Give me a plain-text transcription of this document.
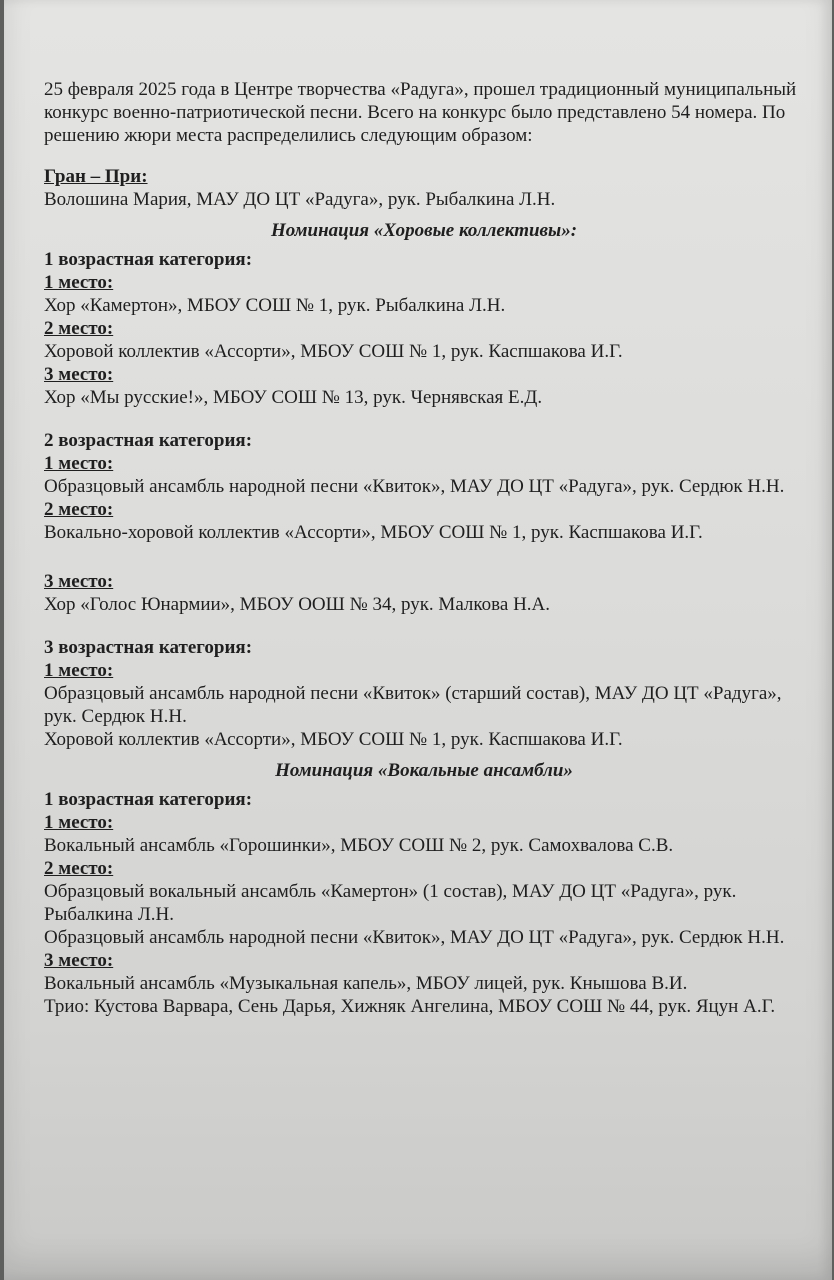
25 февраля 2025 года в Центре творчества «Радуга», прошел традиционный муниципальный конкурс военно-патриотической песни. Всего на конкурс было представлено 54 номера. По решению жюри места распределились следующим образом:

Гран – При:

Волошина Мария, МАУ ДО ЦТ «Радуга», рук. Рыбалкина Л.Н.

Номинация «Хоровые коллективы»:

1 возрастная категория:

1 место:

Хор «Камертон», МБОУ СОШ № 1, рук. Рыбалкина Л.Н.

2 место:

Хоровой коллектив «Ассорти», МБОУ СОШ № 1, рук. Каспшакова И.Г.

3 место:

Хор «Мы русские!», МБОУ СОШ № 13, рук. Чернявская Е.Д.

2 возрастная категория:

1 место:

Образцовый ансамбль народной песни «Квиток», МАУ ДО ЦТ «Радуга», рук. Сердюк Н.Н.

2 место:

Вокально-хоровой коллектив «Ассорти», МБОУ СОШ № 1, рук. Каспшакова И.Г.

3 место:

Хор «Голос Юнармии», МБОУ ООШ № 34, рук. Малкова Н.А.

3 возрастная категория:

1 место:

Образцовый ансамбль народной песни «Квиток» (старший состав), МАУ ДО ЦТ «Радуга», рук. Сердюк Н.Н.

Хоровой коллектив «Ассорти», МБОУ СОШ № 1, рук. Каспшакова И.Г.

Номинация «Вокальные ансамбли»

1 возрастная категория:

1 место:

Вокальный ансамбль «Горошинки», МБОУ СОШ № 2, рук. Самохвалова С.В.

2 место:

Образцовый вокальный ансамбль «Камертон» (1 состав), МАУ ДО ЦТ «Радуга», рук. Рыбалкина Л.Н.

Образцовый ансамбль народной песни «Квиток», МАУ ДО ЦТ «Радуга», рук. Сердюк Н.Н.

3 место:

Вокальный ансамбль «Музыкальная капель», МБОУ лицей, рук. Кнышова В.И.

Трио: Кустова Варвара, Сень Дарья, Хижняк Ангелина, МБОУ СОШ № 44, рук. Яцун А.Г.
